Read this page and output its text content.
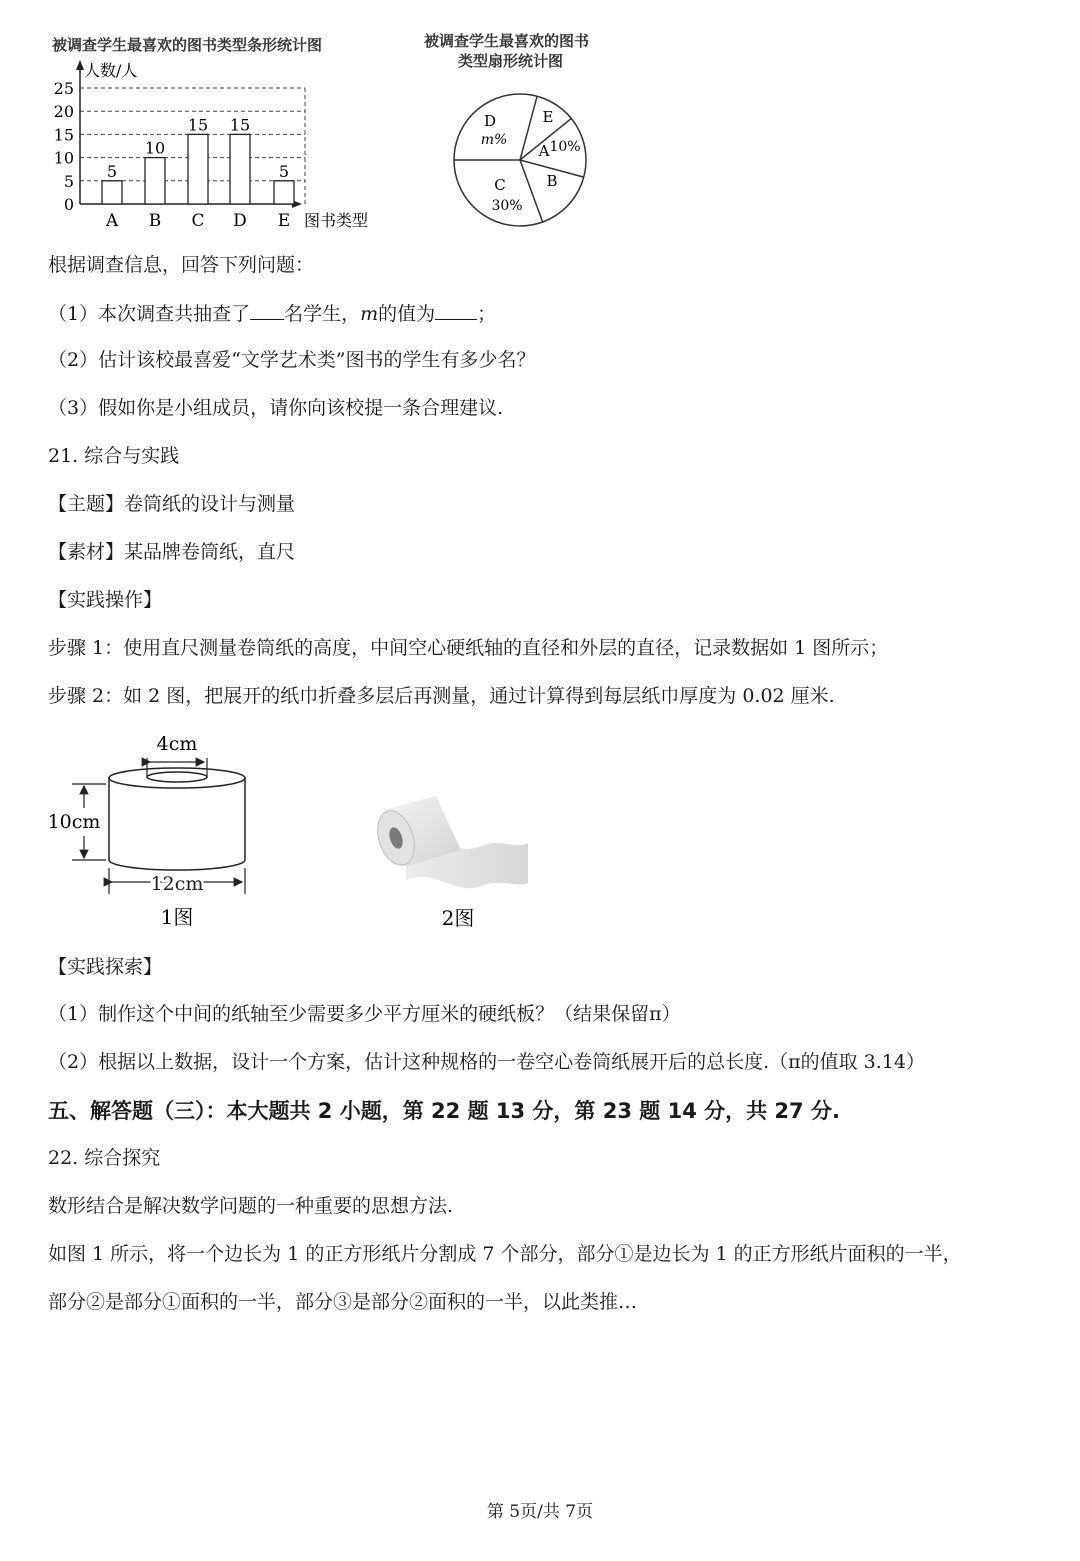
被调查学生最喜欢的图书类型条形统计图	被调查学生最喜欢的图书
类型扇形统计图
0
5
10
15
20
25
5
A
10
B
15
C
15
D
5
E
人数/人
图书类型
D
m%
E
A 10%
B
C
30%
根据调查信息，回答下列问题：
（1）本次调查共抽查了 名学生，m的值为 ；
（2）估计该校最喜爱“文学艺术类”图书的学生有多少名？
（3）假如你是小组成员，请你向该校提一条合理建议.
21. 综合与实践
【主题】卷筒纸的设计与测量
【素材】某品牌卷筒纸，直尺
【实践操作】
步骤 1：使用直尺测量卷筒纸的高度，中间空心硬纸轴的直径和外层的直径，记录数据如 1 图所示；
步骤 2：如 2 图，把展开的纸巾折叠多层后再测量，通过计算得到每层纸巾厚度为 0.02 厘米.
4cm
10cm
12cm
1图	2图
【实践探索】
（1）制作这个中间的纸轴至少需要多少平方厘米的硬纸板？（结果保留π）
（2）根据以上数据，设计一个方案，估计这种规格的一卷空心卷筒纸展开后的总长度.（π的值取 3.14）
五、解答题（三）：本大题共 2 小题，第 22 题 13 分，第 23 题 14 分，共 27 分.
22. 综合探究
数形结合是解决数学问题的一种重要的思想方法.
如图 1 所示，将一个边长为 1 的正方形纸片分割成 7 个部分，部分①是边长为 1 的正方形纸片面积的一半，
部分②是部分①面积的一半，部分③是部分②面积的一半，以此类推…
第 5页/共 7页
